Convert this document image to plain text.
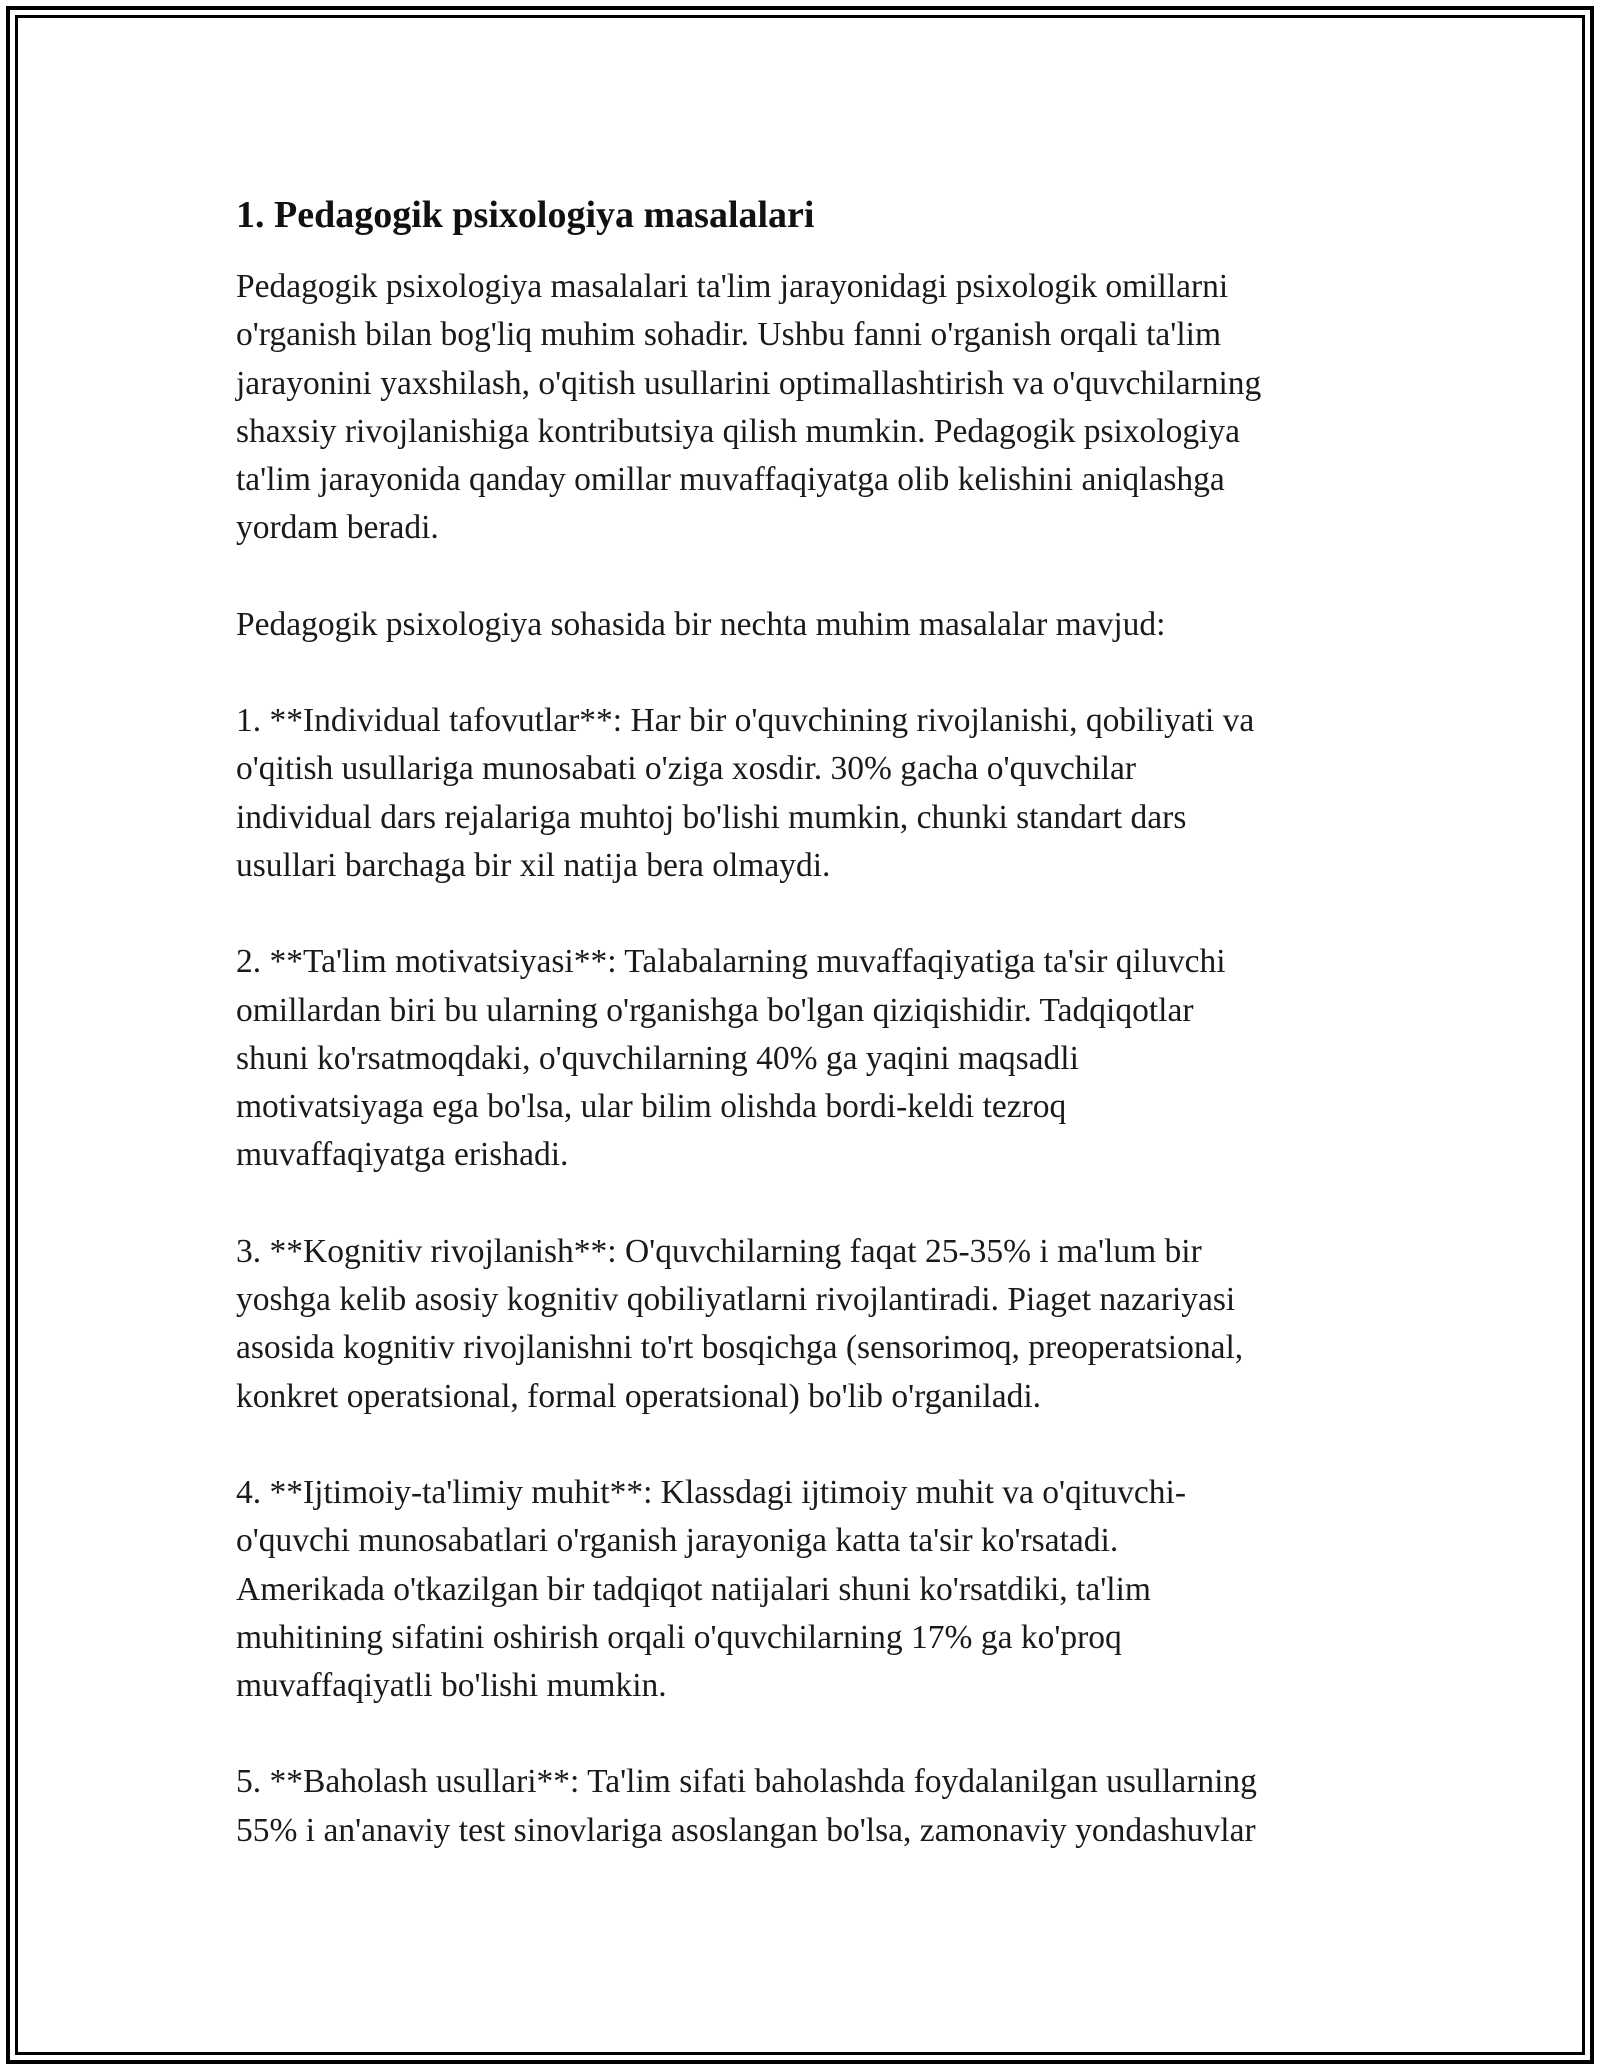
1. Pedagogik psixologiya masalalari

Pedagogik psixologiya masalalari ta'lim jarayonidagi psixologik omillarni
o'rganish bilan bog'liq muhim sohadir. Ushbu fanni o'rganish orqali ta'lim
jarayonini yaxshilash, o'qitish usullarini optimallashtirish va o'quvchilarning
shaxsiy rivojlanishiga kontributsiya qilish mumkin. Pedagogik psixologiya
ta'lim jarayonida qanday omillar muvaffaqiyatga olib kelishini aniqlashga
yordam beradi.

Pedagogik psixologiya sohasida bir nechta muhim masalalar mavjud:

1. **Individual tafovutlar**: Har bir o'quvchining rivojlanishi, qobiliyati va
o'qitish usullariga munosabati o'ziga xosdir. 30% gacha o'quvchilar
individual dars rejalariga muhtoj bo'lishi mumkin, chunki standart dars
usullari barchaga bir xil natija bera olmaydi.

2. **Ta'lim motivatsiyasi**: Talabalarning muvaffaqiyatiga ta'sir qiluvchi
omillardan biri bu ularning o'rganishga bo'lgan qiziqishidir. Tadqiqotlar
shuni ko'rsatmoqdaki, o'quvchilarning 40% ga yaqini maqsadli
motivatsiyaga ega bo'lsa, ular bilim olishda bordi-keldi tezroq
muvaffaqiyatga erishadi.

3. **Kognitiv rivojlanish**: O'quvchilarning faqat 25-35% i ma'lum bir
yoshga kelib asosiy kognitiv qobiliyatlarni rivojlantiradi. Piaget nazariyasi
asosida kognitiv rivojlanishni to'rt bosqichga (sensorimoq, preoperatsional,
konkret operatsional, formal operatsional) bo'lib o'rganiladi.

4. **Ijtimoiy-ta'limiy muhit**: Klassdagi ijtimoiy muhit va o'qituvchi-
o'quvchi munosabatlari o'rganish jarayoniga katta ta'sir ko'rsatadi.
Amerikada o'tkazilgan bir tadqiqot natijalari shuni ko'rsatdiki, ta'lim
muhitining sifatini oshirish orqali o'quvchilarning 17% ga ko'proq
muvaffaqiyatli bo'lishi mumkin.

5. **Baholash usullari**: Ta'lim sifati baholashda foydalanilgan usullarning
55% i an'anaviy test sinovlariga asoslangan bo'lsa, zamonaviy yondashuvlar
